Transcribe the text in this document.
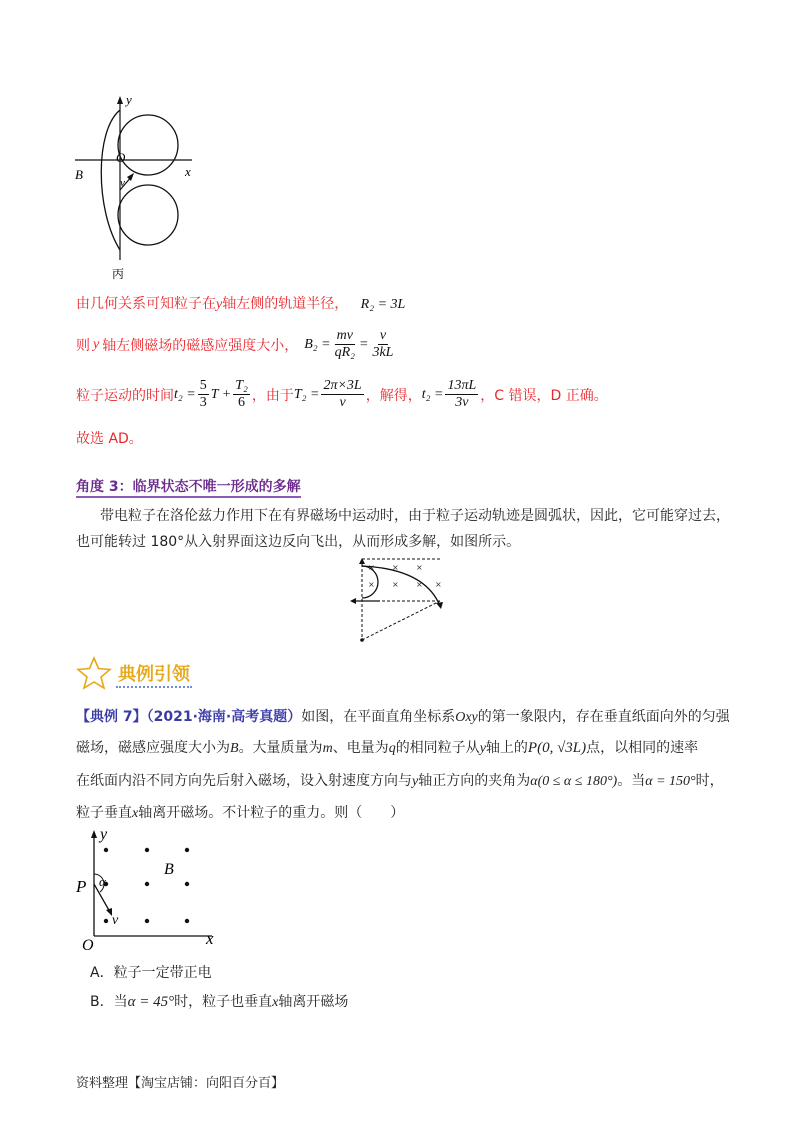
y
x
O
B
v
丙
由几何关系可知粒子在y轴左侧的轨道半径， R₂ = 3L
则 y 轴左侧磁场的磁感应强度大小， $B_2 = \frac{mv}{\text{qR₂}} = \frac{v}{3kL}$
粒子运动的时间 $t_2 = \frac{5}{3}$ $T + \frac{\text{T₂}}{6}$ ，由于 $T_2 = \frac{2\pi\times 3L}{v}$ ，解得， $t_2 = \frac{13\pi L}{3v}$ ，C 错误，D 正确。
故选 AD。
角度 3：临界状态不唯一形成的多解
带电粒子在洛伦兹力作用下在有界磁场中运动时，由于粒子运动轨迹是圆弧状，因此，它可能穿过去，
也可能转过 180°从入射界面这边反向飞出，从而形成多解，如图所示。
× × ×
× × × ×
典例引领
【典例 7】（2021·海南·高考真题）如图，在平面直角坐标系Oxy的第一象限内，存在垂直纸面向外的匀强
磁场，磁感应强度大小为B。大量质量为m、电量为q的相同粒子从y轴上的P(0, √3L)点，以相同的速率
在纸面内沿不同方向先后射入磁场，设入射速度方向与y轴正方向的夹角为α(0 ≤ α ≤ 180°)。当α = 150°时，
粒子垂直x轴离开磁场。不计粒子的重力。则（　　）
y
x
O
P α
B
v
A．粒子一定带正电
B．当α = 45°时，粒子也垂直x轴离开磁场
资料整理【淘宝店铺：向阳百分百】
